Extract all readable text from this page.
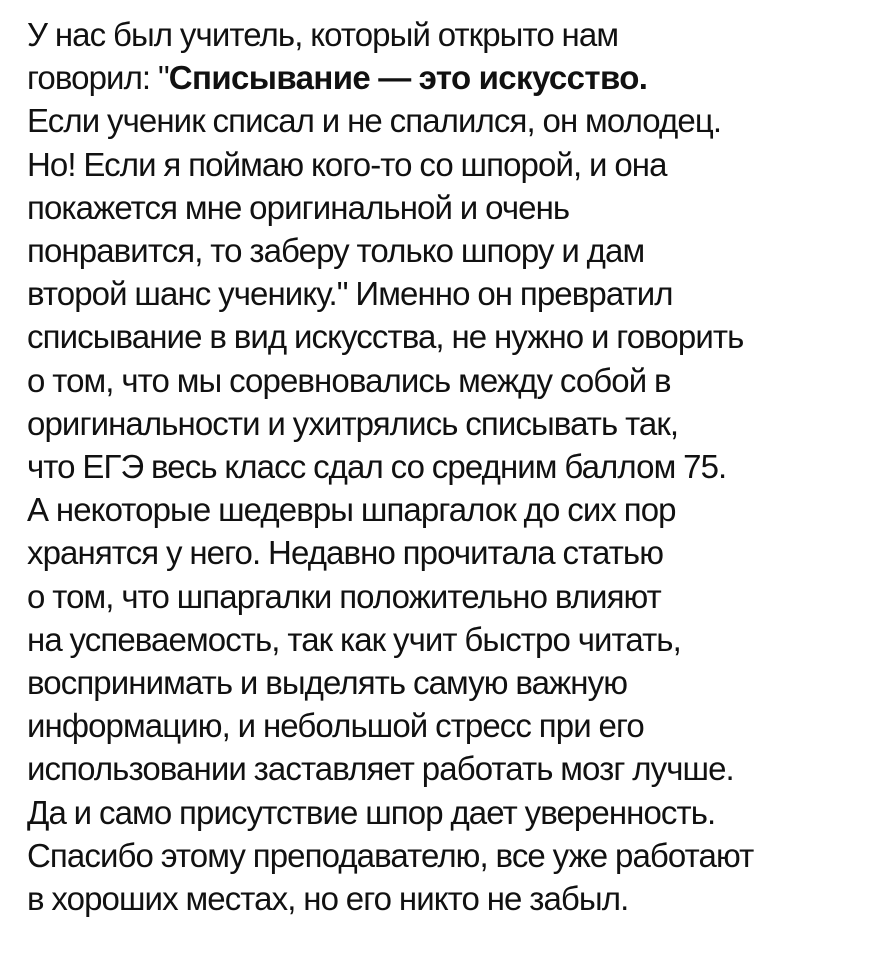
У нас был учитель, который открыто нам
говорил: "Списывание — это искусство.
Если ученик списал и не спалился, он молодец.
Но! Если я поймаю кого-то со шпорой, и она
покажется мне оригинальной и очень
понравится, то заберу только шпору и дам
второй шанс ученику." Именно он превратил
списывание в вид искусства, не нужно и говорить
о том, что мы соревновались между собой в
оригинальности и ухитрялись списывать так,
что ЕГЭ весь класс сдал со средним баллом 75.
А некоторые шедевры шпаргалок до сих пор
хранятся у него. Недавно прочитала статью
о том, что шпаргалки положительно влияют
на успеваемость, так как учит быстро читать,
воспринимать и выделять самую важную
информацию, и небольшой стресс при его
использовании заставляет работать мозг лучше.
Да и само присутствие шпор дает уверенность.
Спасибо этому преподавателю, все уже работают
в хороших местах, но его никто не забыл.
